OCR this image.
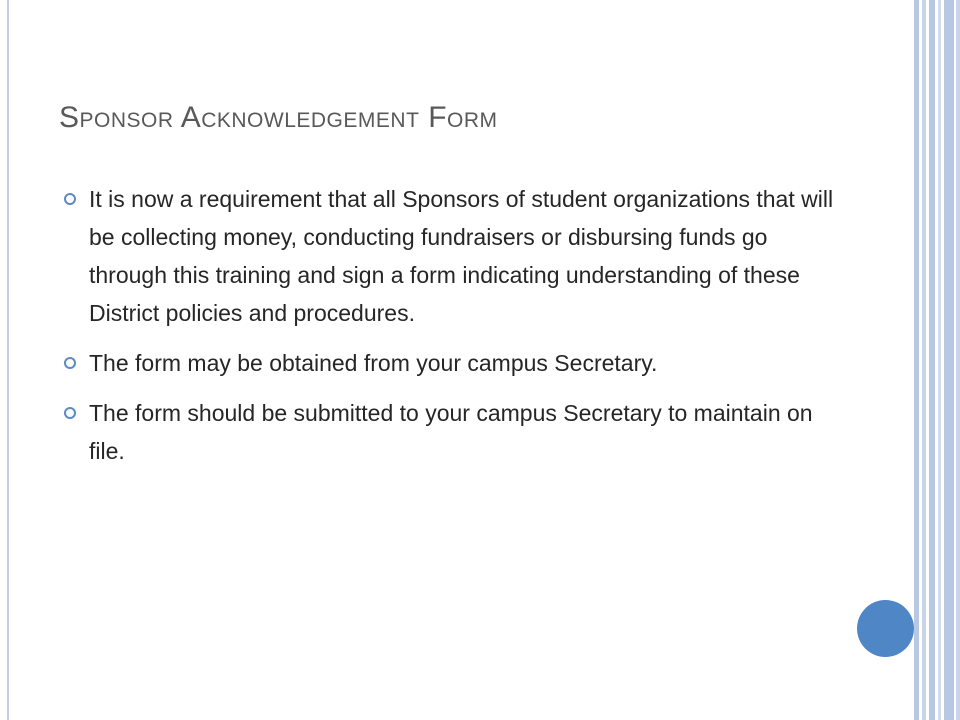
Sponsor Acknowledgement Form
It is now a requirement that all Sponsors of student organizations that will be collecting money, conducting fundraisers or disbursing funds go through this training and sign a form indicating understanding of these District policies and procedures.
The form may be obtained from your campus Secretary.
The form should be submitted to your campus Secretary to maintain on file.
